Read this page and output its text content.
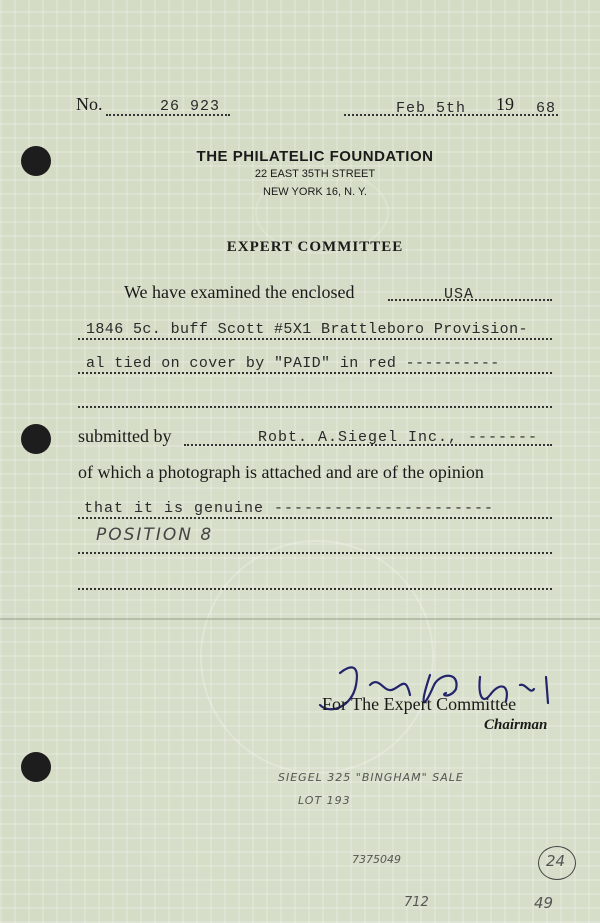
No.	26 923	Feb 5th 19 68
THE PHILATELIC FOUNDATION
22 EAST 35TH STREET
NEW YORK 16, N. Y.
EXPERT COMMITTEE
We have examined the enclosed	USA
1846 5c. buff Scott #5X1 Brattleboro Provision-
al tied on cover by "PAID" in red ----------
submitted by	Robt. A.Siegel Inc., -------
of which a photograph is attached and are of the opinion
that it is genuine ----------------------
POSITION 8
For The Expert Committee
Chairman
SIEGEL 325 "BINGHAM" SALE
LOT 193
7375049	24
712	49
